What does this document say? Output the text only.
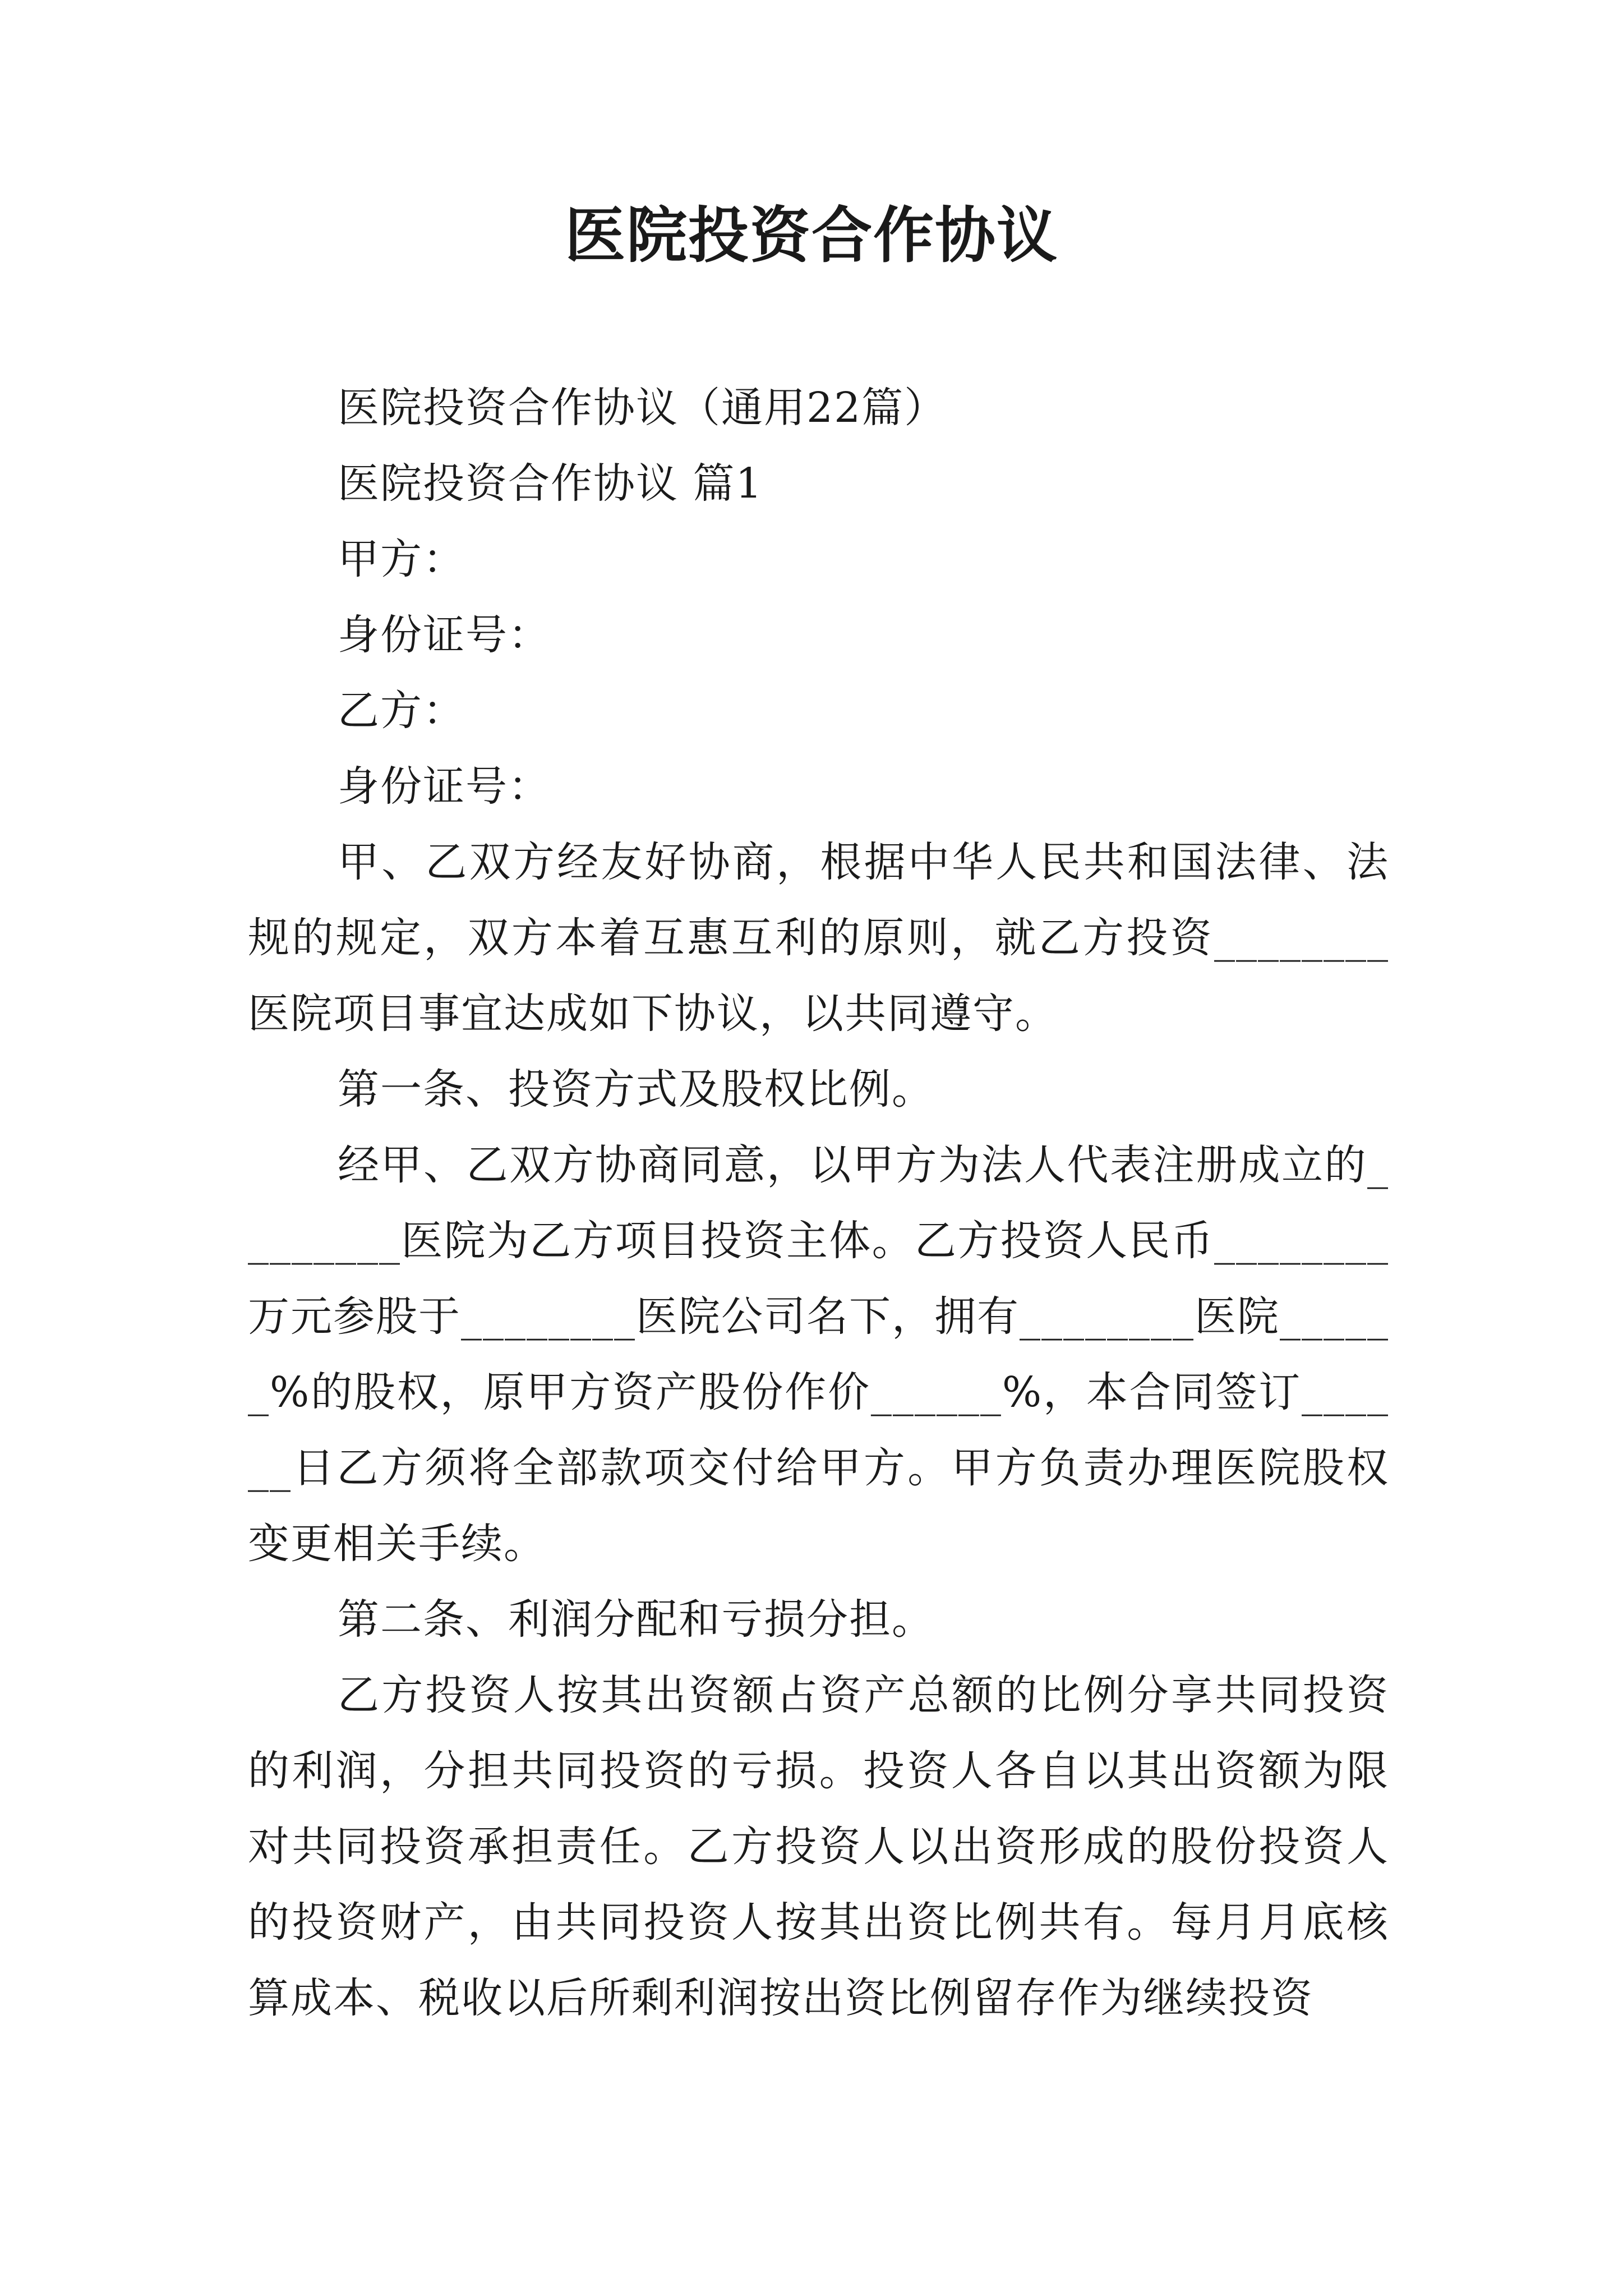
医院投资合作协议

医院投资合作协议（通用22篇）

医院投资合作协议 篇1

甲方：

身份证号：

乙方：

身份证号：

甲、乙双方经友好协商，根据中华人民共和国法律、法规的规定，双方本着互惠互利的原则，就乙方投资________医院项目事宜达成如下协议，以共同遵守。

第一条、投资方式及股权比例。

经甲、乙双方协商同意，以甲方为法人代表注册成立的________医院为乙方项目投资主体。乙方投资人民币________万元参股于________医院公司名下，拥有________医院______%的股权，原甲方资产股份作价______%，本合同签订______日乙方须将全部款项交付给甲方。甲方负责办理医院股权变更相关手续。

第二条、利润分配和亏损分担。

乙方投资人按其出资额占资产总额的比例分享共同投资的利润，分担共同投资的亏损。投资人各自以其出资额为限对共同投资承担责任。乙方投资人以出资形成的股份投资人的投资财产，由共同投资人按其出资比例共有。每月月底核算成本、税收以后所剩利润按出资比例留存作为继续投资
